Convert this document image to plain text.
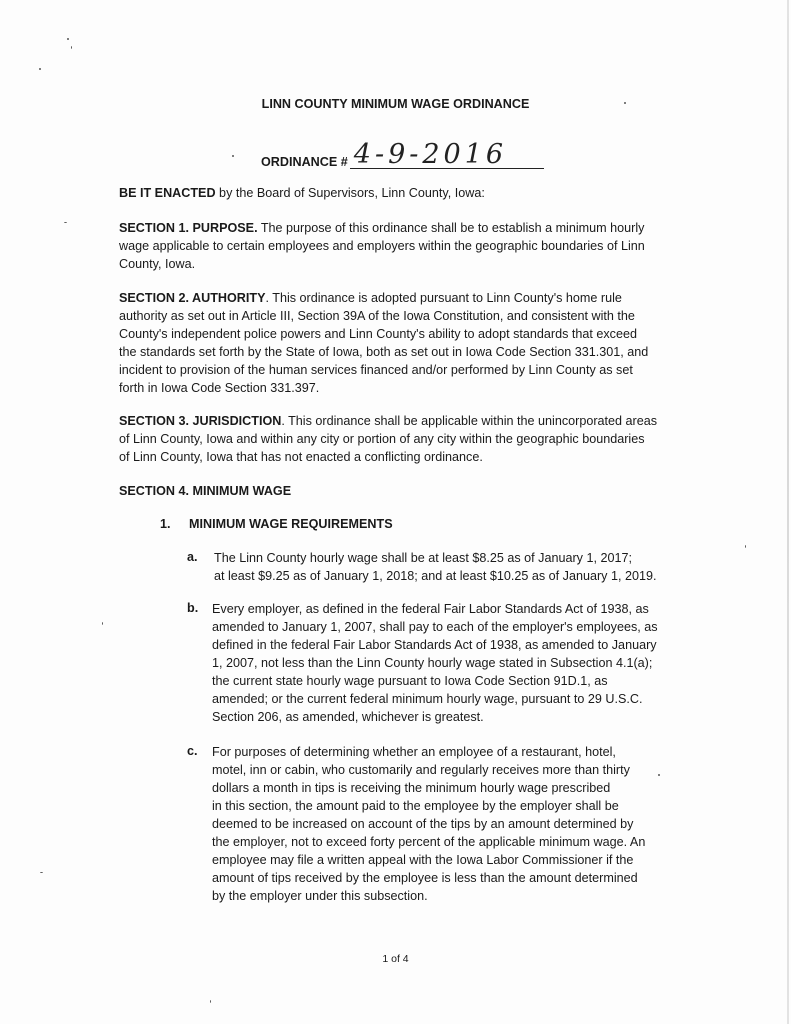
LINN COUNTY MINIMUM WAGE ORDINANCE
ORDINANCE # 4-9-2016

BE IT ENACTED by the Board of Supervisors, Linn County, Iowa:

SECTION 1. PURPOSE. The purpose of this ordinance shall be to establish a minimum hourly

wage applicable to certain employees and employers within the geographic boundaries of Linn

County, Iowa.

SECTION 2. AUTHORITY. This ordinance is adopted pursuant to Linn County's home rule

authority as set out in Article III, Section 39A of the Iowa Constitution, and consistent with the

County's independent police powers and Linn County's ability to adopt standards that exceed

the standards set forth by the State of Iowa, both as set out in Iowa Code Section 331.301, and

incident to provision of the human services financed and/or performed by Linn County as set

forth in Iowa Code Section 331.397.

SECTION 3. JURISDICTION. This ordinance shall be applicable within the unincorporated areas

of Linn County, Iowa and within any city or portion of any city within the geographic boundaries

of Linn County, Iowa that has not enacted a conflicting ordinance.

SECTION 4. MINIMUM WAGE

1. MINIMUM WAGE REQUIREMENTS
a. The Linn County hourly wage shall be at least $8.25 as of January 1, 2017;
at least $9.25 as of January 1, 2018; and at least $10.25 as of January 1, 2019.
b. Every employer, as defined in the federal Fair Labor Standards Act of 1938, as
amended to January 1, 2007, shall pay to each of the employer's employees, as
defined in the federal Fair Labor Standards Act of 1938, as amended to January
1, 2007, not less than the Linn County hourly wage stated in Subsection 4.1(a);
the current state hourly wage pursuant to Iowa Code Section 91D.1, as
amended; or the current federal minimum hourly wage, pursuant to 29 U.S.C.
Section 206, as amended, whichever is greatest.
c. For purposes of determining whether an employee of a restaurant, hotel,
motel, inn or cabin, who customarily and regularly receives more than thirty
dollars a month in tips is receiving the minimum hourly wage prescribed
in this section, the amount paid to the employee by the employer shall be
deemed to be increased on account of the tips by an amount determined by
the employer, not to exceed forty percent of the applicable minimum wage. An
employee may file a written appeal with the Iowa Labor Commissioner if the
amount of tips received by the employee is less than the amount determined
by the employer under this subsection.
1 of 4
